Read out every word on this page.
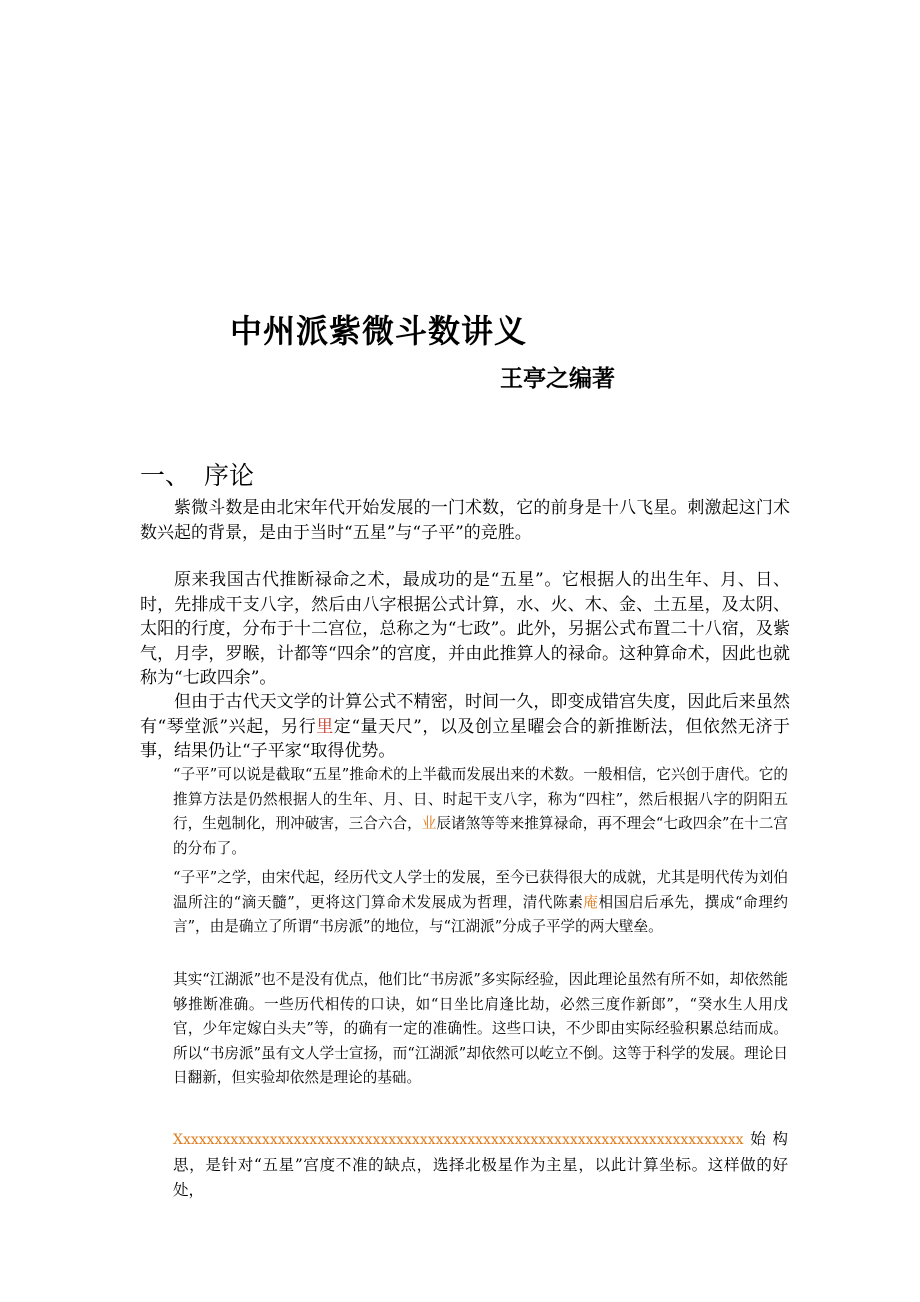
中州派紫微斗数讲义
王亭之编著
一、 序论

紫微斗数是由北宋年代开始发展的一门术数，它的前身是十八飞星。刺激起这门术数兴起的背景，是由于当时“五星”与“子平”的竞胜。

原来我国古代推断禄命之术，最成功的是“五星”。它根据人的出生年、月、日、时，先排成干支八字，然后由八字根据公式计算，水、火、木、金、土五星，及太阴、太阳的行度，分布于十二宫位，总称之为“七政”。此外，另据公式布置二十八宿，及紫气，月孛，罗睺，计都等“四余”的宫度，并由此推算人的禄命。这种算命术，因此也就称为“七政四余”。

但由于古代天文学的计算公式不精密，时间一久，即变成错宫失度，因此后来虽然有“琴堂派”兴起，另行里定“量天尺”，以及创立星曜会合的新推断法，但依然无济于事，结果仍让“子平家“取得优势。

“子平”可以说是截取“五星”推命术的上半截而发展出来的术数。一般相信，它兴创于唐代。它的推算方法是仍然根据人的生年、月、日、时起干支八字，称为“四柱”，然后根据八字的阴阳五行，生剋制化，刑冲破害，三合六合，业辰诸煞等等来推算禄命，再不理会“七政四余”在十二宫的分布了。

“子平”之学，由宋代起，经历代文人学士的发展，至今已获得很大的成就，尤其是明代传为刘伯温所注的“滴天髓”，更将这门算命术发展成为哲理，清代陈素庵相国启后承先，撰成“命理约言”，由是确立了所谓“书房派”的地位，与“江湖派”分成子平学的两大壁垒。

其实“江湖派”也不是没有优点，他们比“书房派”多实际经验，因此理论虽然有所不如，却依然能够推断准确。一些历代相传的口诀，如“日坐比肩逢比劫，必然三度作新郎”，“癸水生人用戊官，少年定嫁白头夫”等，的确有一定的准确性。这些口诀，不少即由实际经验积累总结而成。所以“书房派”虽有文人学士宣扬，而“江湖派”却依然可以屹立不倒。这等于科学的发展。理论日日翻新，但实验却依然是理论的基础。

Xxxxxxxxxxxxxxxxxxxxxxxxxxxxxxxxxxxxxxxxxxxxxxxxxxxxxxxxxxxxxxxxxxxxxxxx始构思，是针对“五星”宫度不准的缺点，选择北极星作为主星，以此计算坐标。这样做的好处，
